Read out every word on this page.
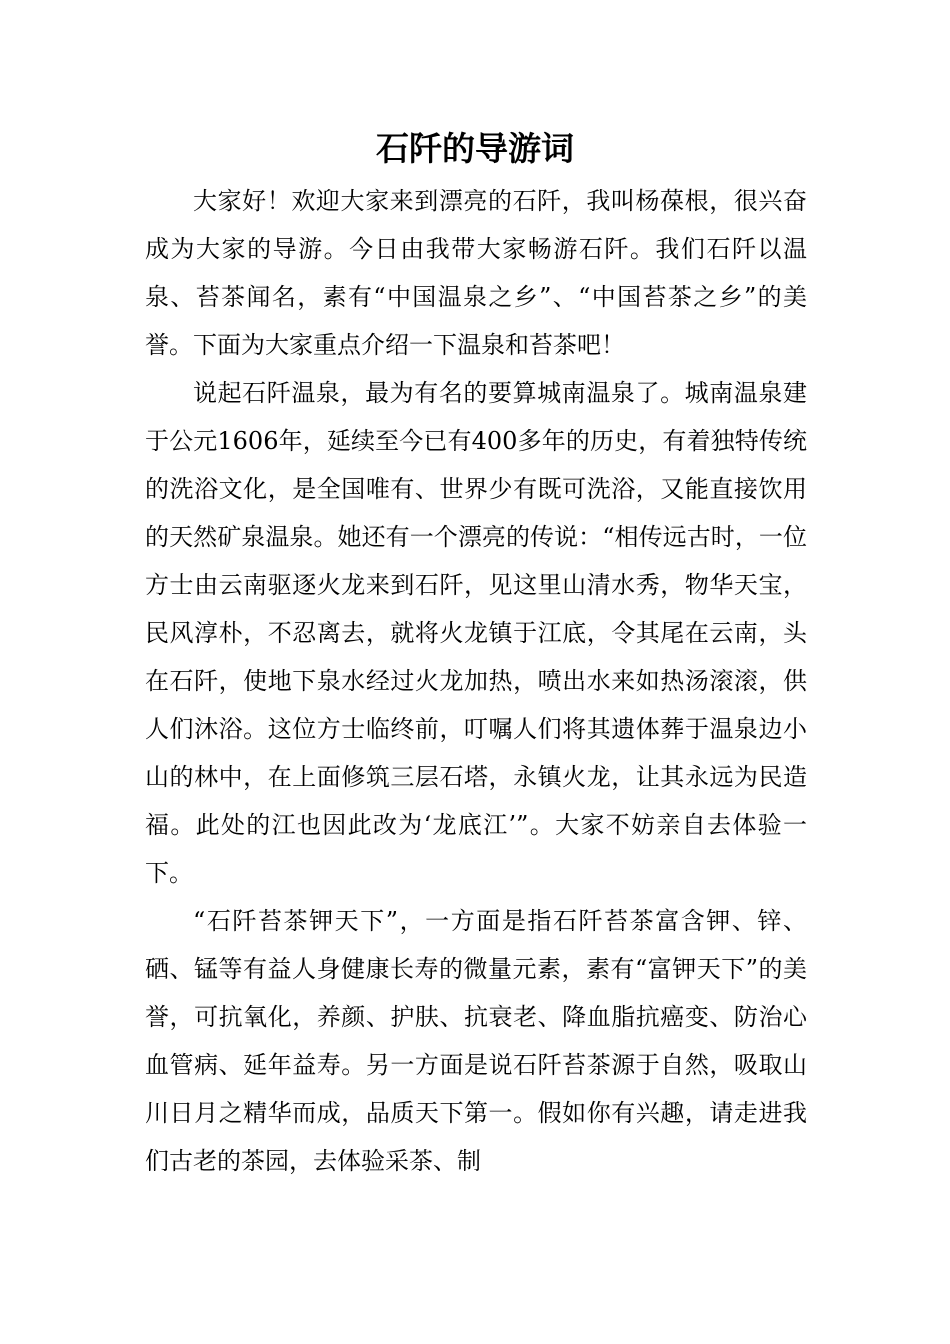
石阡的导游词

大家好！欢迎大家来到漂亮的石阡，我叫杨葆根，很兴奋成为大家的导游。今日由我带大家畅游石阡。我们石阡以温泉、苔茶闻名，素有“中国温泉之乡”、“中国苔茶之乡”的美誉。下面为大家重点介绍一下温泉和苔茶吧！

说起石阡温泉，最为有名的要算城南温泉了。城南温泉建于公元1606年，延续至今已有400多年的历史，有着独特传统的洗浴文化，是全国唯有、世界少有既可洗浴，又能直接饮用的天然矿泉温泉。她还有一个漂亮的传说：“相传远古时，一位方士由云南驱逐火龙来到石阡，见这里山清水秀，物华天宝，民风淳朴，不忍离去，就将火龙镇于江底，令其尾在云南，头在石阡，使地下泉水经过火龙加热，喷出水来如热汤滚滚，供人们沐浴。这位方士临终前，叮嘱人们将其遗体葬于温泉边小山的林中，在上面修筑三层石塔，永镇火龙，让其永远为民造福。此处的江也因此改为‘龙底江’”。大家不妨亲自去体验一下。

“石阡苔茶钾天下”，一方面是指石阡苔茶富含钾、锌、硒、锰等有益人身健康长寿的微量元素，素有“富钾天下”的美誉，可抗氧化，养颜、护肤、抗衰老、降血脂抗癌变、防治心血管病、延年益寿。另一方面是说石阡苔茶源于自然，吸取山川日月之精华而成，品质天下第一。假如你有兴趣，请走进我们古老的茶园，去体验采茶、制
